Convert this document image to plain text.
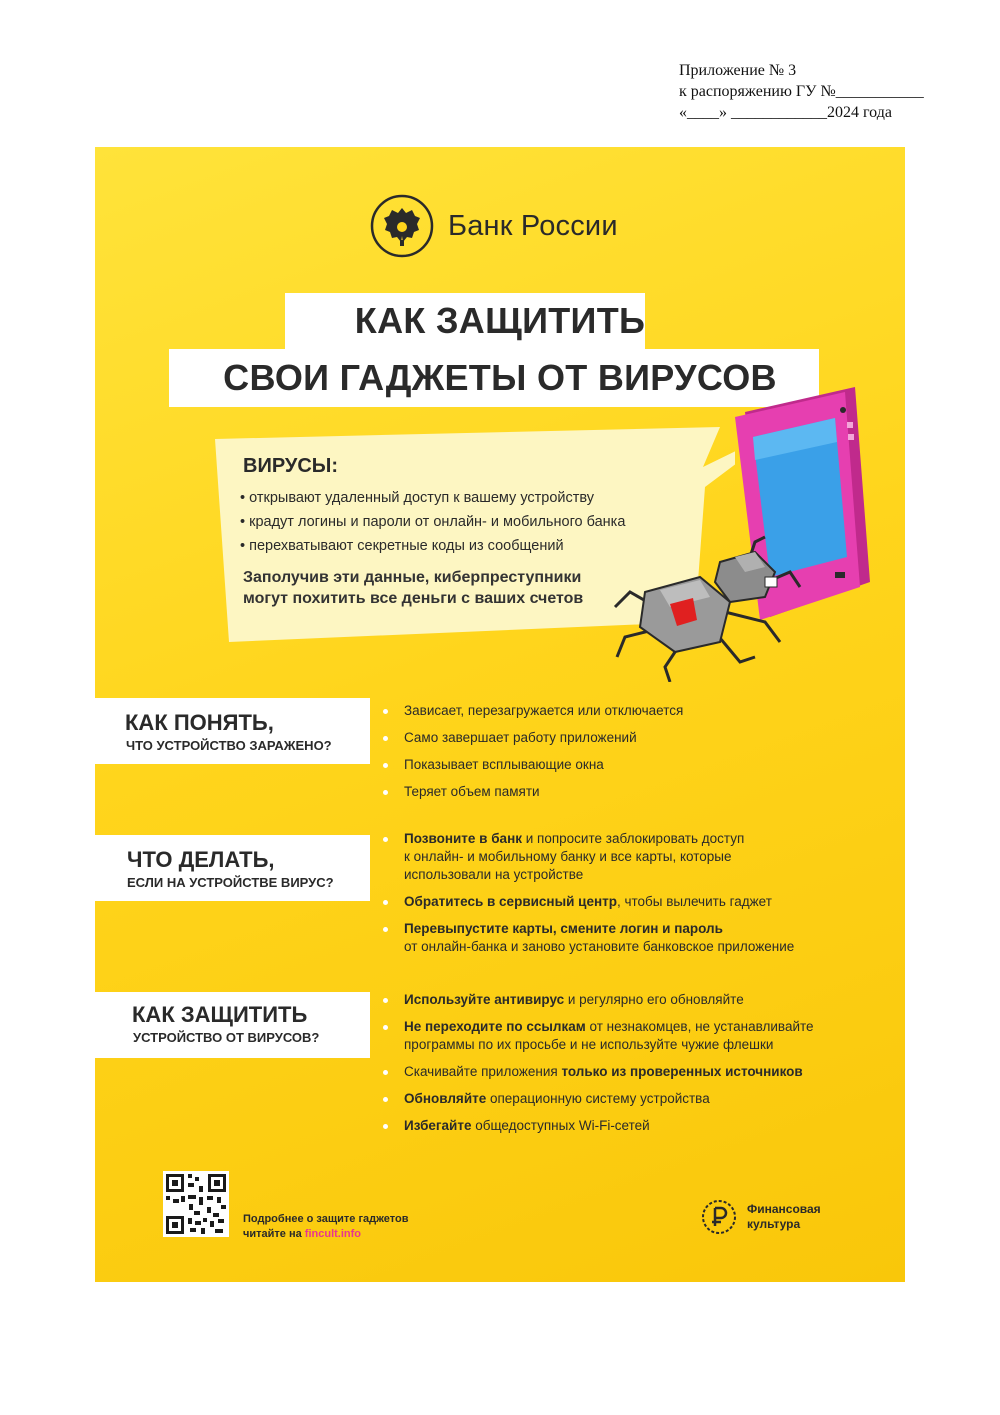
Приложение № 3
к распоряжению ГУ №___________
«____» ____________2024 года
Банк России
КАК ЗАЩИТИТЬ
СВОИ ГАДЖЕТЫ ОТ ВИРУСОВ
ВИРУСЫ:
• открывают удаленный доступ к вашему устройству
• крадут логины и пароли от онлайн- и мобильного банка
• перехватывают секретные коды из сообщений
Заполучив эти данные, киберпреступники
могут похитить все деньги с ваших счетов
КАК ПОНЯТЬ,
ЧТО УСТРОЙСТВО ЗАРАЖЕНО?
Зависает, перезагружается или отключается
Само завершает работу приложений
Показывает всплывающие окна
Теряет объем памяти
ЧТО ДЕЛАТЬ,
ЕСЛИ НА УСТРОЙСТВЕ ВИРУС?
Позвоните в банк и попросите заблокировать доступ
к онлайн- и мобильному банку и все карты, которые
использовали на устройстве
Обратитесь в сервисный центр, чтобы вылечить гаджет
Перевыпустите карты, смените логин и пароль
от онлайн-банка и заново установите банковское приложение
КАК ЗАЩИТИТЬ
УСТРОЙСТВО ОТ ВИРУСОВ?
Используйте антивирус и регулярно его обновляйте
Не переходите по ссылкам от незнакомцев, не устанавливайте
программы по их просьбе и не используйте чужие флешки
Скачивайте приложения только из проверенных источников
Обновляйте операционную систему устройства
Избегайте общедоступных Wi-Fi-сетей
Подробнее о защите гаджетов
читайте на fincult.info
Финансовая
культура
